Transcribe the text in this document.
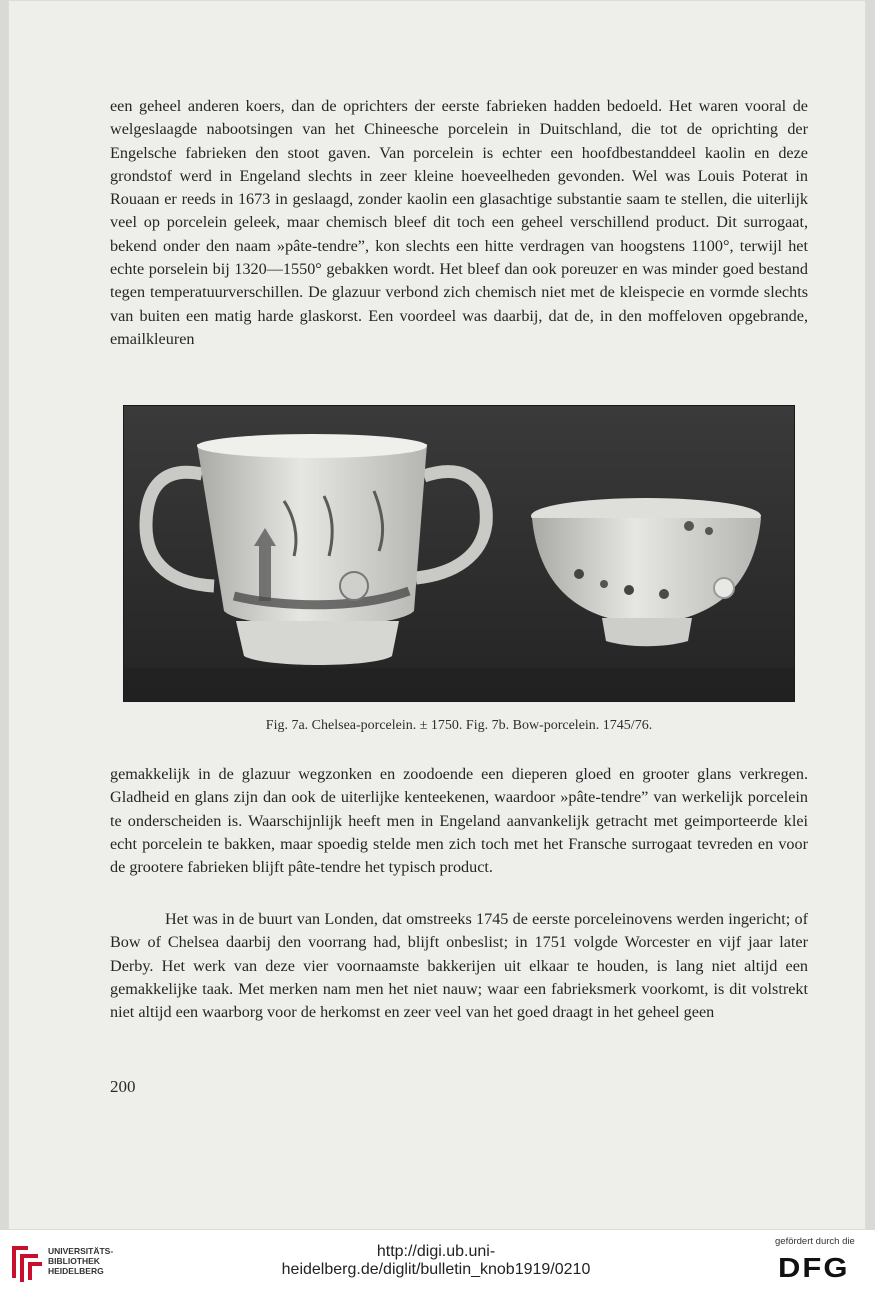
een geheel anderen koers, dan de oprichters der eerste fabrieken hadden bedoeld. Het waren vooral de welgeslaagde nabootsingen van het Chineesche porcelein in Duitschland, die tot de oprichting der Engelsche fabrieken den stoot gaven. Van porcelein is echter een hoofdbestanddeel kaolin en deze grondstof werd in Engeland slechts in zeer kleine hoeveelheden gevonden. Wel was Louis Poterat in Rouaan er reeds in 1673 in geslaagd, zonder kaolin een glasachtige substantie saam te stellen, die uiterlijk veel op porcelein geleek, maar chemisch bleef dit toch een geheel verschillend product. Dit surrogaat, bekend onder den naam »pâte-tendre”, kon slechts een hitte verdragen van hoogstens 1100°, terwijl het echte porselein bij 1320—1550° gebakken wordt. Het bleef dan ook poreuzer en was minder goed bestand tegen temperatuurverschillen. De glazuur verbond zich chemisch niet met de kleispecie en vormde slechts van buiten een matig harde glaskorst. Een voordeel was daarbij, dat de, in den moffeloven opgebrande, emailkleuren

Fig. 7a. Chelsea-porcelein. ± 1750. Fig. 7b. Bow-porcelein. 1745/76.

gemakkelijk in de glazuur wegzonken en zoodoende een dieperen gloed en grooter glans verkregen. Gladheid en glans zijn dan ook de uiterlijke kenteekenen, waardoor »pâte-tendre” van werkelijk porcelein te onderscheiden is. Waarschijnlijk heeft men in Engeland aanvankelijk getracht met geimporteerde klei echt porcelein te bakken, maar spoedig stelde men zich toch met het Fransche surrogaat tevreden en voor de grootere fabrieken blijft pâte-tendre het typisch product.

Het was in de buurt van Londen, dat omstreeks 1745 de eerste porceleinovens werden ingericht; of Bow of Chelsea daarbij den voorrang had, blijft onbeslist; in 1751 volgde Worcester en vijf jaar later Derby. Het werk van deze vier voornaamste bakkerijen uit elkaar te houden, is lang niet altijd een gemakkelijke taak. Met merken nam men het niet nauw; waar een fabrieksmerk voorkomt, is dit volstrekt niet altijd een waarborg voor de herkomst en zeer veel van het goed draagt in het geheel geen

200
UNIVERSITÄTS-
BIBLIOTHEK
HEIDELBERG
http://digi.ub.uni-heidelberg.de/diglit/bulletin_knob1919/0210
gefördert durch die
DFG
